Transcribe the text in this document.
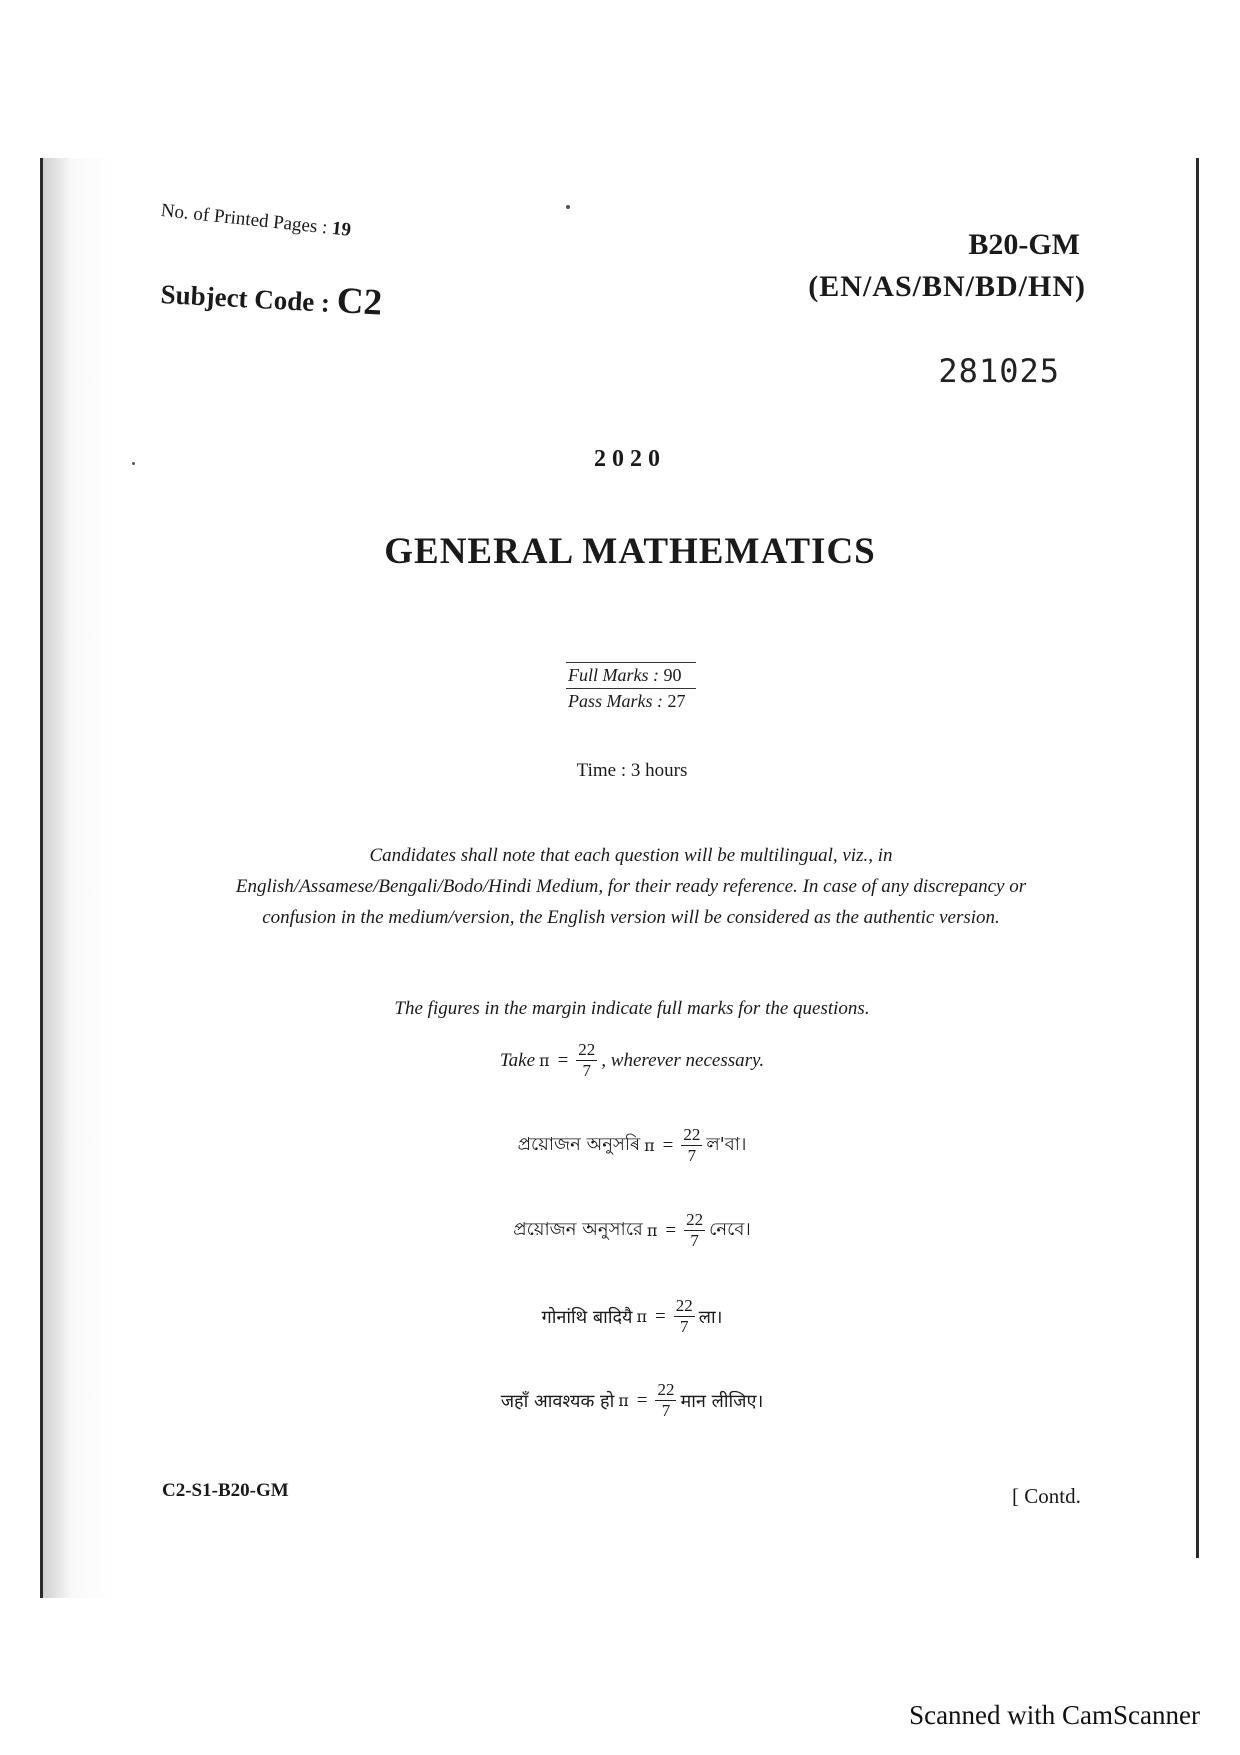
No. of Printed Pages : 19
Subject Code : C2
B20-GM
(EN/AS/BN/BD/HN)
281025
2020
GENERAL MATHEMATICS
Full Marks : 90
Pass Marks : 27
Time : 3 hours
Candidates shall note that each question will be multilingual, viz., in English/Assamese/Bengali/Bodo/Hindi Medium, for their ready reference. In case of any discrepancy or confusion in the medium/version, the English version will be considered as the authentic version.
The figures in the margin indicate full marks for the questions.
Take $\pi = \frac{22}{7}$ , wherever necessary.
প্ৰয়োজন অনুসৰি $\pi = \frac{22}{7}$ ল'বা।
প্রয়োজন অনুসারে $\pi = \frac{22}{7}$ নেবে।
गोनांथि बादियै $\pi = \frac{22}{7}$ ला।
जहाँ आवश्यक हो $\pi = \frac{22}{7}$ मान लीजिए।
C2-S1-B20-GM	[ Contd.
Scanned with CamScanner
